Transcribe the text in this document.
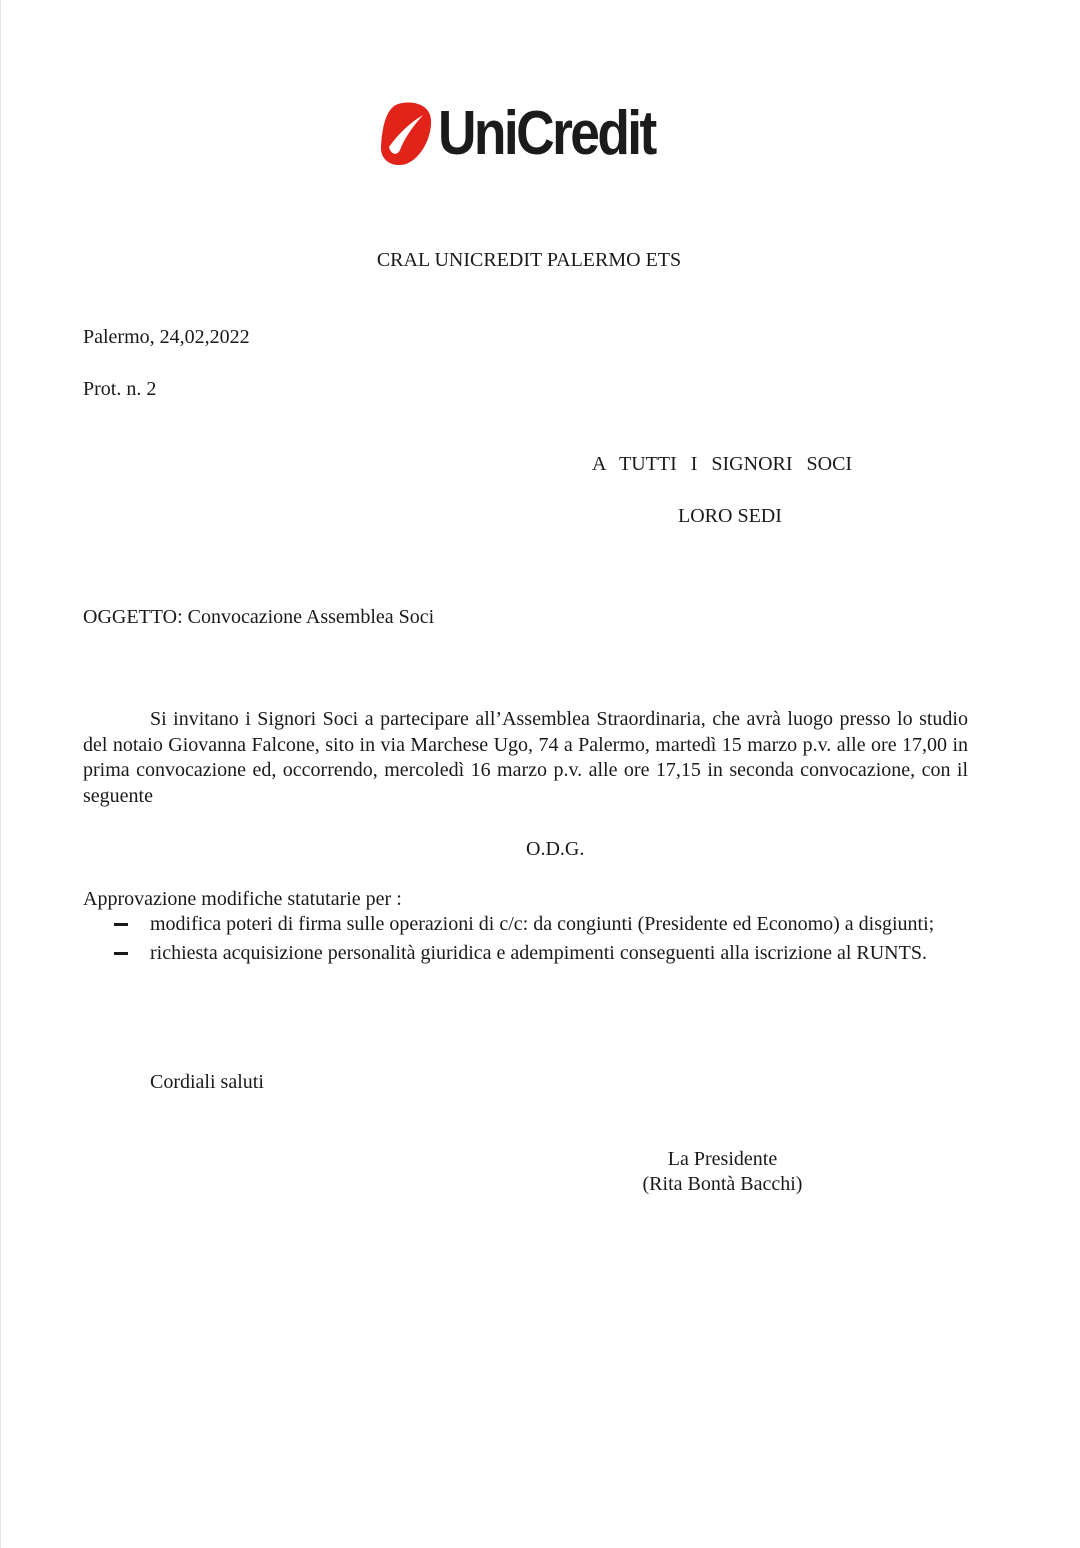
UniCredit
CRAL UNICREDIT PALERMO ETS
Palermo, 24,02,2022
Prot. n. 2
A TUTTI I SIGNORI SOCI
LORO SEDI
OGGETTO: Convocazione Assemblea Soci
Si invitano i Signori Soci a partecipare all’Assemblea Straordinaria, che avrà luogo presso lo studio del notaio Giovanna Falcone, sito in via Marchese Ugo, 74 a Palermo, martedì 15 marzo p.v. alle ore 17,00 in prima convocazione ed, occorrendo, mercoledì 16 marzo p.v. alle ore 17,15 in seconda convocazione, con il seguente
O.D.G.
Approvazione modifiche statutarie per :
modifica poteri di firma sulle operazioni di c/c: da congiunti (Presidente ed Economo) a disgiunti;
richiesta acquisizione personalità giuridica e adempimenti conseguenti alla iscrizione al RUNTS.
Cordiali saluti
La Presidente
(Rita Bontà Bacchi)
